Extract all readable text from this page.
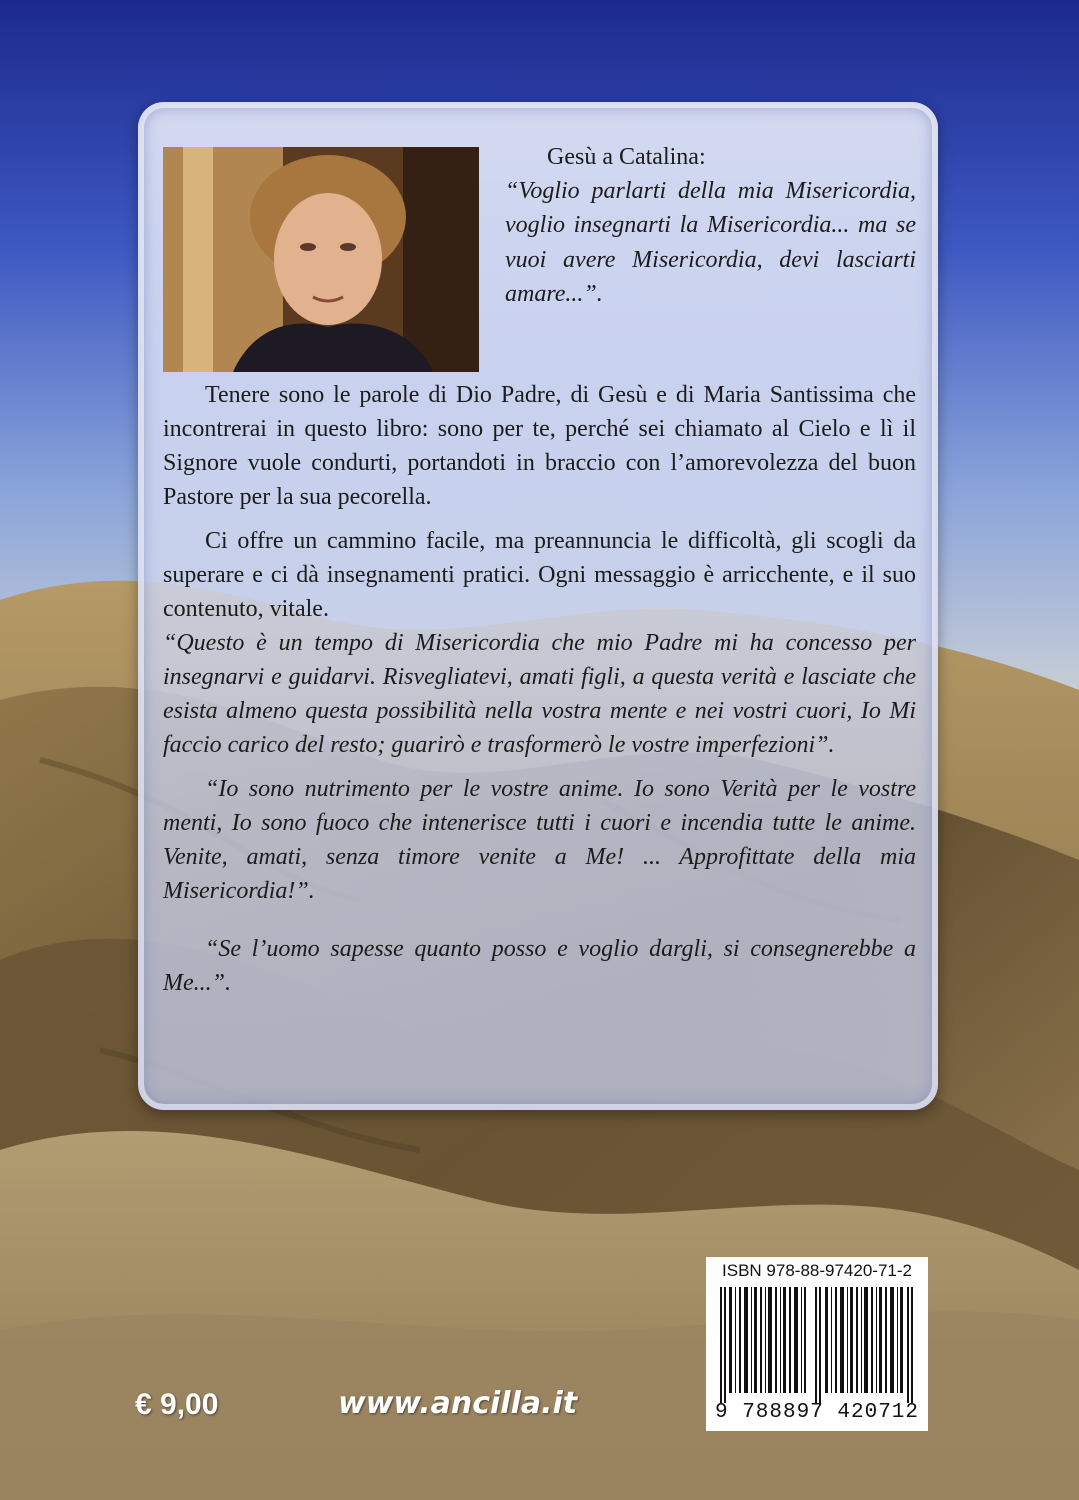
Gesù a Catalina:

“Voglio parlarti della mia Misericordia, voglio insegnarti la Misericordia... ma se vuoi avere Misericordia, devi lasciarti amare...”.

Tenere sono le parole di Dio Padre, di Gesù e di Maria Santissima che incontrerai in questo libro: sono per te, perché sei chiamato al Cielo e lì il Signore vuole condurti, portandoti in braccio con l’amorevolezza del buon Pastore per la sua pecorella.

Ci offre un cammino facile, ma preannuncia le difficoltà, gli scogli da superare e ci dà insegnamenti pratici. Ogni messaggio è arricchente, e il suo contenuto, vitale.

“Questo è un tempo di Misericordia che mio Padre mi ha concesso per insegnarvi e guidarvi. Risvegliatevi, amati figli, a questa verità e lasciate che esista almeno questa possibilità nella vostra mente e nei vostri cuori, Io Mi faccio carico del resto; guarirò e trasformerò le vostre imperfezioni”.

“Io sono nutrimento per le vostre anime. Io sono Verità per le vostre menti, Io sono fuoco che intenerisce tutti i cuori e incendia tutte le anime. Venite, amati, senza timore venite a Me! ... Approfittate della mia Misericordia!”.

“Se l’uomo sapesse quanto posso e voglio dargli, si consegnerebbe a Me...”.

€ 9,00	www.ancilla.it
ISBN 978-88-97420-71-2
9 788897 420712
